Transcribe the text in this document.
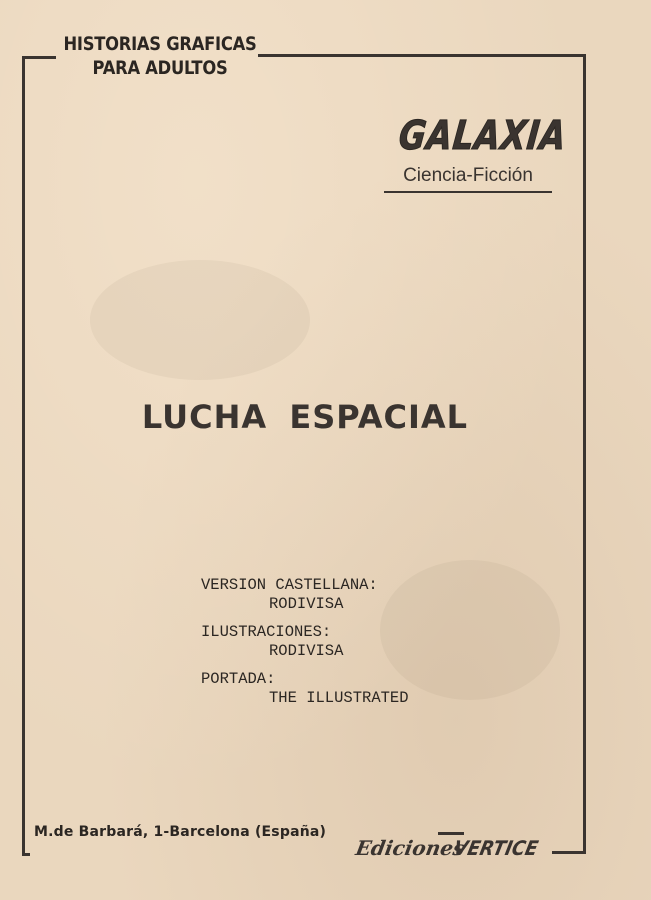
HISTORIAS GRAFICAS
PARA ADULTOS
GALAXIA
Ciencia-Ficción
LUCHA ESPACIAL
VERSION CASTELLANA:
RODIVISA
ILUSTRACIONES:
RODIVISA
PORTADA:
THE ILLUSTRATED
M.de Barbará, 1-Barcelona (España)
Ediciones
VERTICE
